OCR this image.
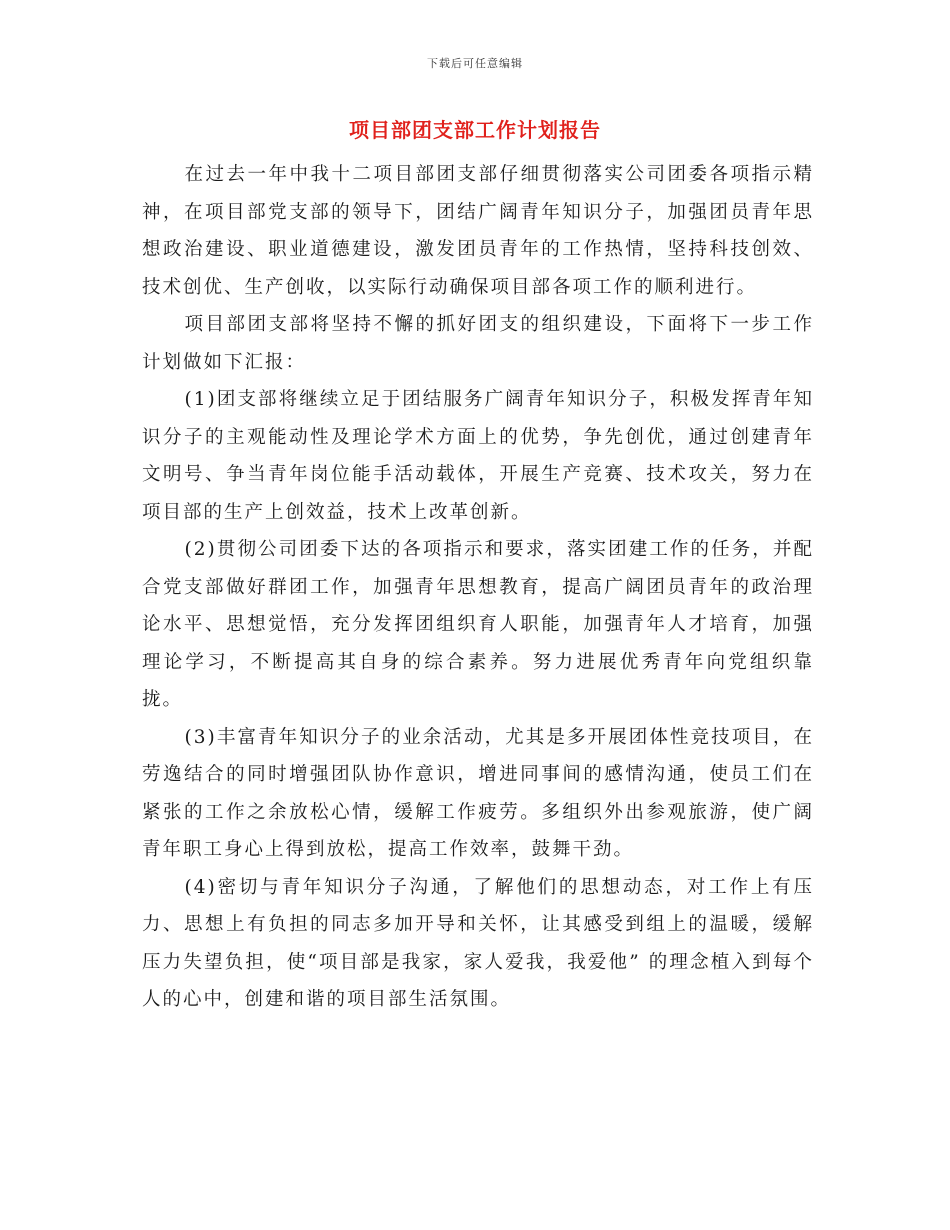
下载后可任意编辑
项目部团支部工作计划报告

在过去一年中我十二项目部团支部仔细贯彻落实公司团委各项指示精神，在项目部党支部的领导下，团结广阔青年知识分子，加强团员青年思想政治建设、职业道德建设，激发团员青年的工作热情，坚持科技创效、技术创优、生产创收，以实际行动确保项目部各项工作的顺利进行。

项目部团支部将坚持不懈的抓好团支的组织建设，下面将下一步工作计划做如下汇报：

(1)团支部将继续立足于团结服务广阔青年知识分子，积极发挥青年知识分子的主观能动性及理论学术方面上的优势，争先创优，通过创建青年文明号、争当青年岗位能手活动载体，开展生产竞赛、技术攻关，努力在项目部的生产上创效益，技术上改革创新。

(2)贯彻公司团委下达的各项指示和要求，落实团建工作的任务，并配合党支部做好群团工作，加强青年思想教育，提高广阔团员青年的政治理论水平、思想觉悟，充分发挥团组织育人职能，加强青年人才培育，加强理论学习，不断提高其自身的综合素养。努力进展优秀青年向党组织靠拢。

(3)丰富青年知识分子的业余活动，尤其是多开展团体性竞技项目，在劳逸结合的同时增强团队协作意识，增进同事间的感情沟通，使员工们在紧张的工作之余放松心情，缓解工作疲劳。多组织外出参观旅游，使广阔青年职工身心上得到放松，提高工作效率，鼓舞干劲。

(4)密切与青年知识分子沟通，了解他们的思想动态，对工作上有压力、思想上有负担的同志多加开导和关怀，让其感受到组上的温暖，缓解压力失望负担，使“项目部是我家，家人爱我，我爱他” 的理念植入到每个人的心中，创建和谐的项目部生活氛围。
